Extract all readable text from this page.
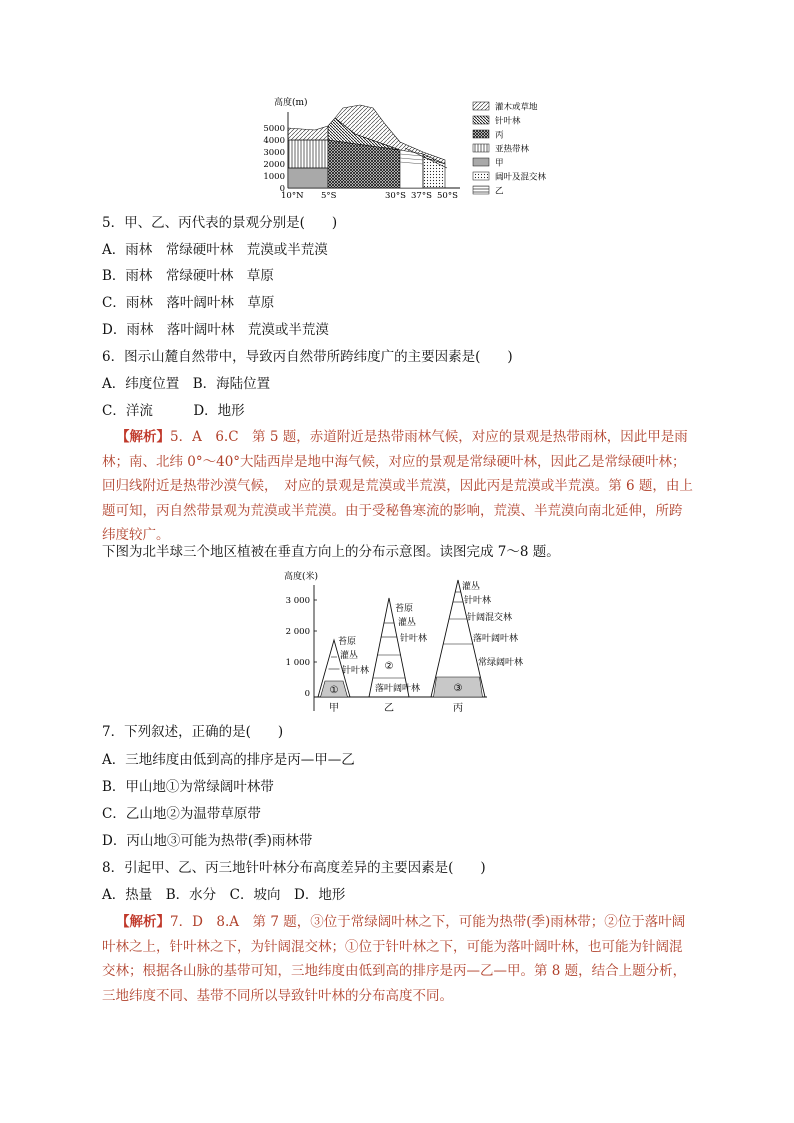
高度(m)
5000
4000
3000
2000
1000
0
10°N 5°S	30°S 37°S 50°S
灌木或草地
针叶林
丙
亚热带林
甲
阔叶及混交林
乙
5．甲、乙、丙代表的景观分别是(　　)
A．雨林　常绿硬叶林　荒漠或半荒漠
B．雨林　常绿硬叶林　草原
C．雨林　落叶阔叶林　草原
D．雨林　落叶阔叶林　荒漠或半荒漠
6．图示山麓自然带中，导致丙自然带所跨纬度广的主要因素是(　　)
A．纬度位置　B．海陆位置
C．洋流　　　D．地形
【解析】5．A　6.C　第 5 题，赤道附近是热带雨林气候，对应的景观是热带雨林，因此甲是雨林；南、北纬 0°～40°大陆西岸是地中海气候，对应的景观是常绿硬叶林，因此乙是常绿硬叶林；回归线附近是热带沙漠气候，　对应的景观是荒漠或半荒漠，因此丙是荒漠或半荒漠。第 6 题，由上题可知，丙自然带景观为荒漠或半荒漠。由于受秘鲁寒流的影响，荒漠、半荒漠向南北延伸，所跨纬度较广。
下图为北半球三个地区植被在垂直方向上的分布示意图。读图完成 7～8 题。
高度(米)
3 000
2 000
1 000
0 ①
苔原
灌丛
针叶林 ②
苔原
灌丛
针叶林
落叶阔叶林	③
灌丛
针叶林
针阔混交林
落叶阔叶林
常绿阔叶林
甲	乙	丙
7．下列叙述，正确的是(　　)
A．三地纬度由低到高的排序是丙—甲—乙
B．甲山地①为常绿阔叶林带
C．乙山地②为温带草原带
D．丙山地③可能为热带(季)雨林带
8．引起甲、乙、丙三地针叶林分布高度差异的主要因素是(　　)
A．热量　B．水分　C．坡向　D．地形
【解析】7．D　8.A　第 7 题，③位于常绿阔叶林之下，可能为热带(季)雨林带；②位于落叶阔叶林之上，针叶林之下，为针阔混交林；①位于针叶林之下，可能为落叶阔叶林，也可能为针阔混交林；根据各山脉的基带可知，三地纬度由低到高的排序是丙—乙—甲。第 8 题，结合上题分析，三地纬度不同、基带不同所以导致针叶林的分布高度不同。
